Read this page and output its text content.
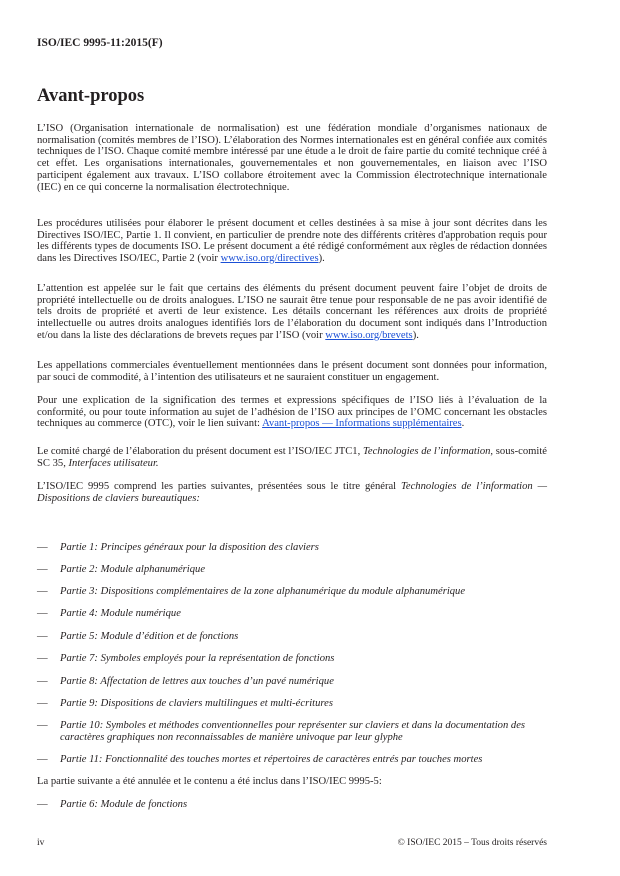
ISO/IEC 9995-11:2015(F)
Avant-propos

L’ISO (Organisation internationale de normalisation) est une fédération mondiale d’organismes nationaux de normalisation (comités membres de l’ISO). L’élaboration des Normes internationales est en général confiée aux comités techniques de l’ISO. Chaque comité membre intéressé par une étude a le droit de faire partie du comité technique créé à cet effet. Les organisations internationales, gouvernementales et non gouvernementales, en liaison avec l’ISO participent également aux travaux. L’ISO collabore étroitement avec la Commission électrotechnique internationale (IEC) en ce qui concerne la normalisation électrotechnique.

Les procédures utilisées pour élaborer le présent document et celles destinées à sa mise à jour sont décrites dans les Directives ISO/IEC, Partie 1. Il convient, en particulier de prendre note des différents critères d'approbation requis pour les différents types de documents ISO. Le présent document a été rédigé conformément aux règles de rédaction données dans les Directives ISO/IEC, Partie 2 (voir www.iso.org/directives).

L’attention est appelée sur le fait que certains des éléments du présent document peuvent faire l’objet de droits de propriété intellectuelle ou de droits analogues. L’ISO ne saurait être tenue pour responsable de ne pas avoir identifié de tels droits de propriété et averti de leur existence. Les détails concernant les références aux droits de propriété intellectuelle ou autres droits analogues identifiés lors de l’élaboration du document sont indiqués dans l’Introduction et/ou dans la liste des déclarations de brevets reçues par l’ISO (voir www.iso.org/brevets).

Les appellations commerciales éventuellement mentionnées dans le présent document sont données pour information, par souci de commodité, à l’intention des utilisateurs et ne sauraient constituer un engagement.

Pour une explication de la signification des termes et expressions spécifiques de l’ISO liés à l’évaluation de la conformité, ou pour toute information au sujet de l’adhésion de l’ISO aux principes de l’OMC concernant les obstacles techniques au commerce (OTC), voir le lien suivant: Avant-propos — Informations supplémentaires.

Le comité chargé de l’élaboration du présent document est l’ISO/IEC JTC1, Technologies de l’information, sous-comité SC 35, Interfaces utilisateur.

L’ISO/IEC 9995 comprend les parties suivantes, présentées sous le titre général Technologies de l’information — Dispositions de claviers bureautiques:

—	Partie 1: Principes généraux pour la disposition des claviers
—	Partie 2: Module alphanumérique
—	Partie 3: Dispositions complémentaires de la zone alphanumérique du module alphanumérique
—	Partie 4: Module numérique
—	Partie 5: Module d’édition et de fonctions
—	Partie 7: Symboles employés pour la représentation de fonctions
—	Partie 8: Affectation de lettres aux touches d’un pavé numérique
—	Partie 9: Dispositions de claviers multilingues et multi-écritures
—	Partie 10: Symboles et méthodes conventionnelles pour représenter sur claviers et dans la documentation des caractères graphiques non reconnaissables de manière univoque par leur glyphe
—	Partie 11: Fonctionnalité des touches mortes et répertoires de caractères entrés par touches mortes

La partie suivante a été annulée et le contenu a été inclus dans l’ISO/IEC 9995-5:

—	Partie 6: Module de fonctions
iv	© ISO/IEC 2015 – Tous droits réservés
